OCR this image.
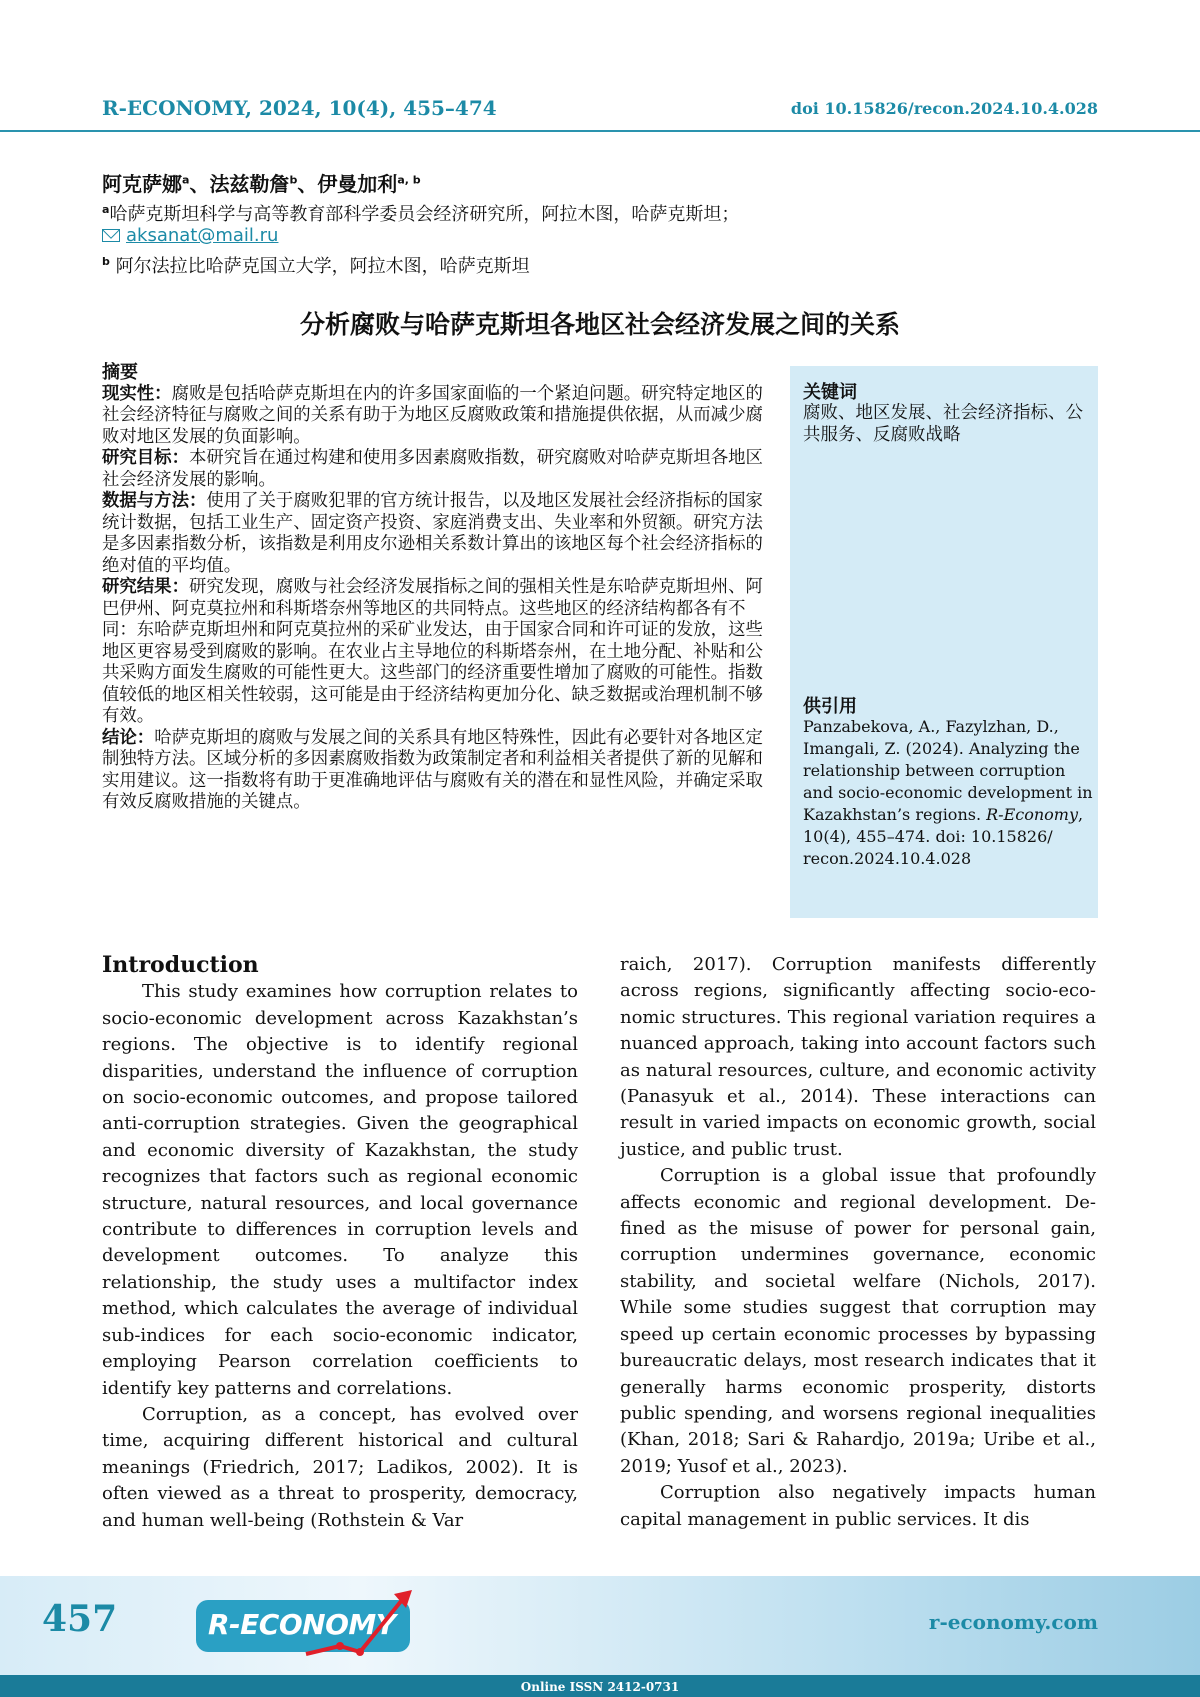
R-ECONOMY, 2024, 10(4), 455–474	doi 10.15826/recon.2024.10.4.028
阿克萨娜a、法兹勒詹b、伊曼加利a, b
a哈萨克斯坦科学与高等教育部科学委员会经济研究所，阿拉木图，哈萨克斯坦；
aksanat@mail.ru
b 阿尔法拉比哈萨克国立大学，阿拉木图，哈萨克斯坦
分析腐败与哈萨克斯坦各地区社会经济发展之间的关系
摘要

现实性：腐败是包括哈萨克斯坦在内的许多国家面临的一个紧迫问题。研究特定地区的社会经济特征与腐败之间的关系有助于为地区反腐败政策和措施提供依据，从而减少腐败对地区发展的负面影响。

研究目标：本研究旨在通过构建和使用多因素腐败指数，研究腐败对哈萨克斯坦各地区社会经济发展的影响。

数据与方法：使用了关于腐败犯罪的官方统计报告，以及地区发展社会经济指标的国家统计数据，包括工业生产、固定资产投资、家庭消费支出、失业率和外贸额。研究方法是多因素指数分析，该指数是利用皮尔逊相关系数计算出的该地区每个社会经济指标的绝对值的平均值。

研究结果：研究发现，腐败与社会经济发展指标之间的强相关性是东哈萨克斯坦州、阿巴伊州、阿克莫拉州和科斯塔奈州等地区的共同特点。这些地区的经济结构都各有不同：东哈萨克斯坦州和阿克莫拉州的采矿业发达，由于国家合同和许可证的发放，这些地区更容易受到腐败的影响。在农业占主导地位的科斯塔奈州，在土地分配、补贴和公共采购方面发生腐败的可能性更大。这些部门的经济重要性增加了腐败的可能性。指数值较低的地区相关性较弱，这可能是由于经济结构更加分化、缺乏数据或治理机制不够有效。

结论：哈萨克斯坦的腐败与发展之间的关系具有地区特殊性，因此有必要针对各地区定制独特方法。区域分析的多因素腐败指数为政策制定者和利益相关者提供了新的见解和实用建议。这一指数将有助于更准确地评估与腐败有关的潜在和显性风险，并确定采取有效反腐败措施的关键点。

关键词
腐败、地区发展、社会经济指标、公共服务、反腐败战略
供引用
Panzabekova, A., Fazylzhan, D., Imangali, Z. (2024). Analyzing the relationship between corruption and socio-economic development in Kazakhstan’s regions. R-Economy, 10(4), 455–474. doi: 10.15826/ recon.2024.10.4.028
Introduction

This study examines how corruption relates to socio-economic development across Kazakh­stan’s regions. The objective is to identify region­al disparities, understand the influence of corrup­tion on socio-economic outcomes, and propose tailored anti-corruption strategies. Given the geo­graphical and economic diversity of Kazakhstan, the study recognizes that factors such as regional economic structure, natural resources, and local governance contribute to differences in corrup­tion levels and development outcomes. To analyze this relationship, the study uses a multifactor in­dex method, which calculates the average of indi­vidual sub-indices for each socio-economic indi­cator, employing Pearson correlation coefficients to identify key patterns and correlations.

Corruption, as a concept, has evolved over time, acquiring different historical and cultur­al meanings (Friedrich, 2017; Ladikos, 2002). It is often viewed as a threat to prosperity, democ­racy, and human well-being (Rothstein & Var­

raich, 2017). Corruption manifests differently across regions, significantly affecting socio-eco­nomic structures. This regional variation requires a nuanced approach, taking into account factors such as natural resources, culture, and economic activity (Panasyuk et al., 2014). These interactions can result in varied impacts on economic growth, social justice, and public trust.

Corruption is a global issue that profoundly affects economic and regional development. De­fined as the misuse of power for personal gain, corruption undermines governance, econom­ic stability, and societal welfare (Nichols, 2017). While some studies suggest that corruption may speed up certain economic processes by bypass­ing bureaucratic delays, most research indicates that it generally harms economic prosperity, dis­torts public spending, and worsens regional in­equalities (Khan, 2018; Sari & Rahardjo, 2019a; Uribe et al., 2019; Yusof et al., 2023).

Corruption also negatively impacts human capital management in public services. It dis­

457	R-ECONOMY	r-economy.com
Online ISSN 2412-0731
